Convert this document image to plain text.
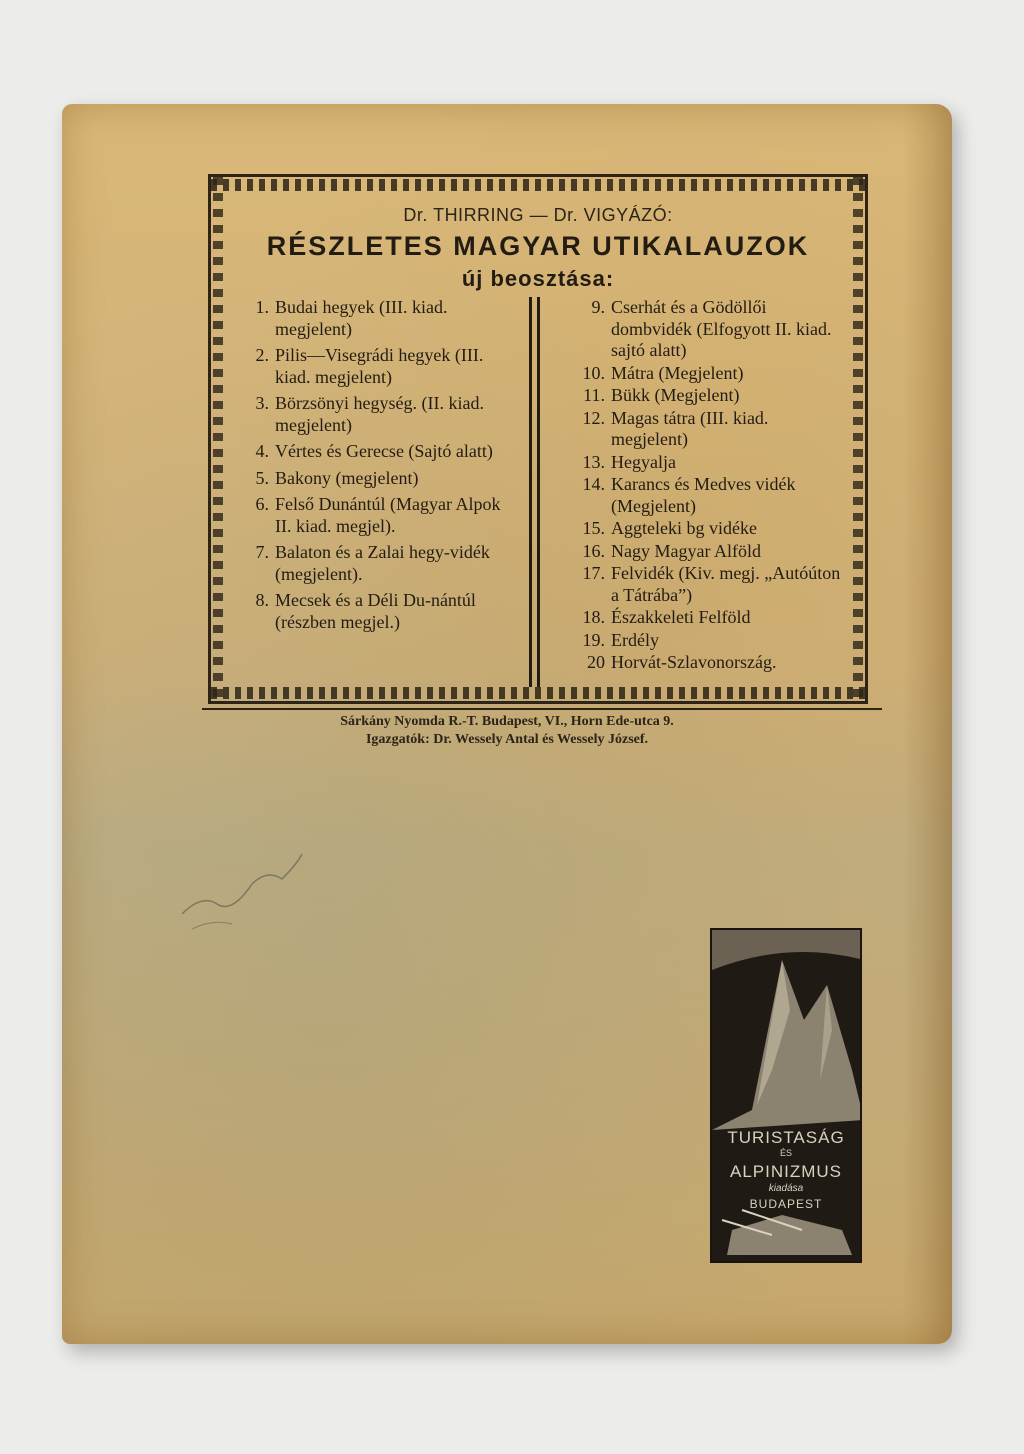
Dr. THIRRING — Dr. VIGYÁZÓ:
RÉSZLETES MAGYAR UTIKALAUZOK
új beosztása:
1. Budai hegyek (III. kiad. megjelent)
2. Pilis—Visegrádi hegyek (III. kiad. megjelent)
3. Börzsönyi hegység. (II. kiad. megjelent)
4. Vértes és Gerecse (Sajtó alatt)
5. Bakony (megjelent)
6. Felső Dunántúl (Magyar Alpok II. kiad. megjel).
7. Balaton és a Zalai hegy-vidék (megjelent).
8. Mecsek és a Déli Du-nántúl (részben megjel.)
9. Cserhát és a Gödöllői dombvidék (Elfogyott II. kiad. sajtó alatt)
10. Mátra (Megjelent)
11. Bükk (Megjelent)
12. Magas tátra (III. kiad. megjelent)
13. Hegyalja
14. Karancs és Medves vidék (Megjelent)
15. Aggteleki bg vidéke
16. Nagy Magyar Alföld
17. Felvidék (Kiv. megj. „Autóúton a Tátrába”)
18. Északkeleti Felföld
19. Erdély
20 Horvát-Szlavonország.
Sárkány Nyomda R.-T. Budapest, VI., Horn Ede-utca 9.
Igazgatók: Dr. Wessely Antal és Wessely József.
TURISTASÁG
ÉS
ALPINIZMUS
kiadása
BUDAPEST
